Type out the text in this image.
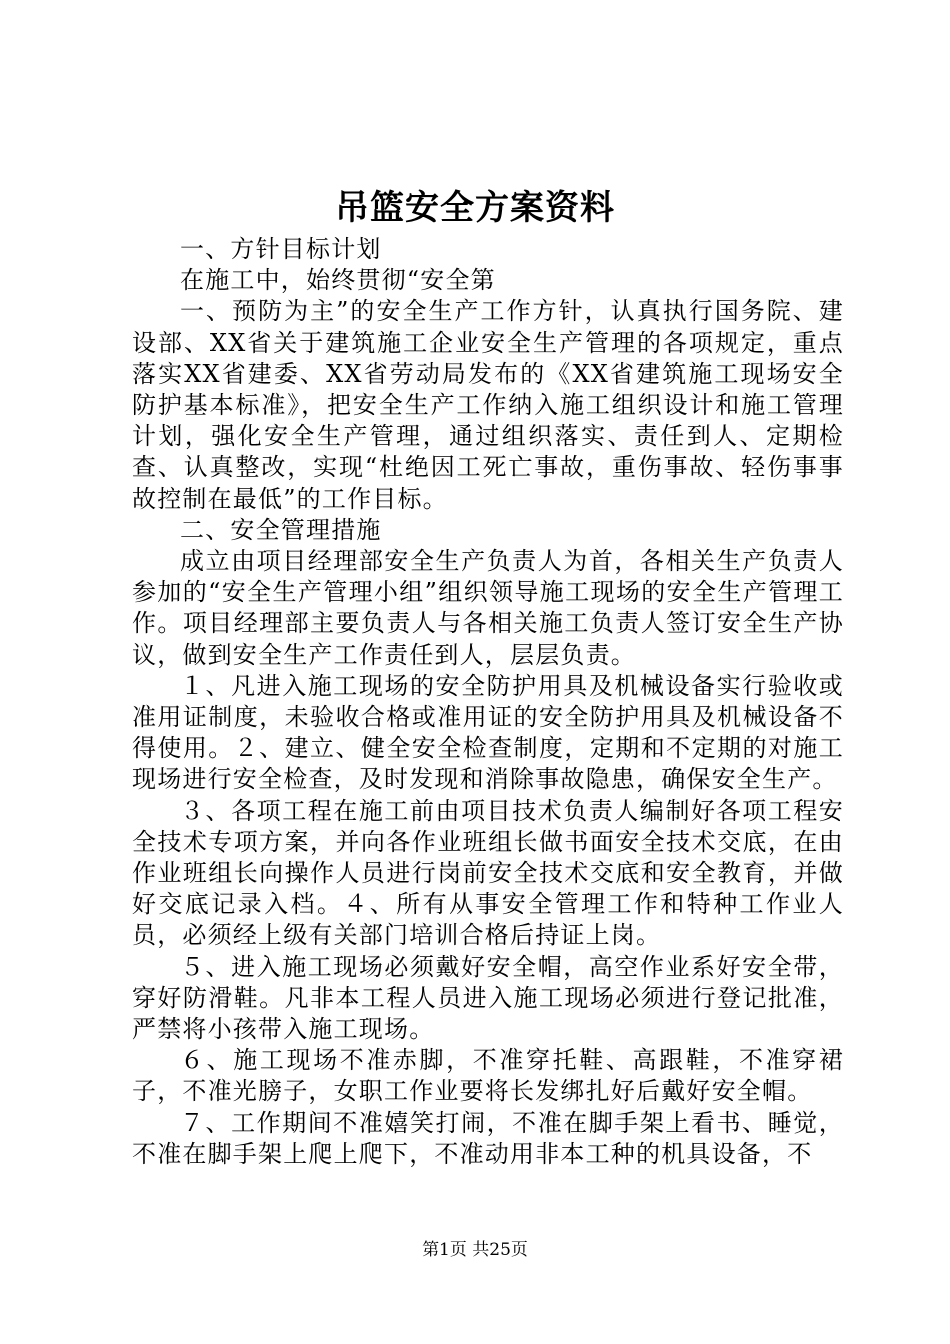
吊篮安全方案资料

一、方针目标计划

在施工中，始终贯彻“安全第

一、预防为主”的安全生产工作方针，认真执行国务院、建设部、XX省关于建筑施工企业安全生产管理的各项规定，重点落实XX省建委、XX省劳动局发布的《XX省建筑施工现场安全防护基本标准》，把安全生产工作纳入施工组织设计和施工管理计划，强化安全生产管理，通过组织落实、责任到人、定期检查、认真整改，实现“杜绝因工死亡事故，重伤事故、轻伤事事故控制在最低”的工作目标。

二、安全管理措施

成立由项目经理部安全生产负责人为首，各相关生产负责人参加的“安全生产管理小组”组织领导施工现场的安全生产管理工作。项目经理部主要负责人与各相关施工负责人签订安全生产协议，做到安全生产工作责任到人，层层负责。

１、凡进入施工现场的安全防护用具及机械设备实行验收或准用证制度，未验收合格或准用证的安全防护用具及机械设备不得使用。２、建立、健全安全检查制度，定期和不定期的对施工现场进行安全检查，及时发现和消除事故隐患，确保安全生产。

３、各项工程在施工前由项目技术负责人编制好各项工程安全技术专项方案，并向各作业班组长做书面安全技术交底，在由作业班组长向操作人员进行岗前安全技术交底和安全教育，并做好交底记录入档。４、所有从事安全管理工作和特种工作业人员，必须经上级有关部门培训合格后持证上岗。

５、进入施工现场必须戴好安全帽，高空作业系好安全带，穿好防滑鞋。凡非本工程人员进入施工现场必须进行登记批准，严禁将小孩带入施工现场。

６、施工现场不准赤脚，不准穿托鞋、高跟鞋，不准穿裙子，不准光膀子，女职工作业要将长发绑扎好后戴好安全帽。

７、工作期间不准嬉笑打闹，不准在脚手架上看书、睡觉，不准在脚手架上爬上爬下，不准动用非本工种的机具设备，不

第1页 共25页
